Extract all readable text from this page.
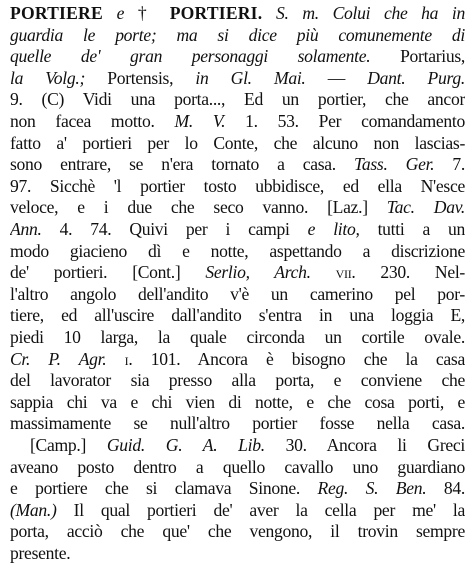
PORTIERE e † PORTIERI. S. m. Colui che ha in
guardia le porte; ma si dice più comunemente di
quelle de' gran personaggi solamente. Portarius,
la Volg.; Portensis, in Gl. Mai. — Dant. Purg.
9. (C) Vidi una porta..., Ed un portier, che ancor
non facea motto. M. V. 1. 53. Per comandamento
fatto a' portieri per lo Conte, che alcuno non lascias-
sono entrare, se n'era tornato a casa. Tass. Ger. 7.
97. Sicchè 'l portier tosto ubbidisce, ed ella N'esce
veloce, e i due che seco vanno. [Laz.] Tac. Dav.
Ann. 4. 74. Quivi per i campi e lito, tutti a un
modo giacieno dì e notte, aspettando a discrizione
de' portieri. [Cont.] Serlio, Arch. vii. 230. Nel-
l'altro angolo dell'andito v'è un camerino pel por-
tiere, ed all'uscire dall'andito s'entra in una loggia E,
piedi 10 larga, la quale circonda un cortile ovale.
Cr. P. Agr. i. 101. Ancora è bisogno che la casa
del lavorator sia presso alla porta, e conviene che
sappia chi va e chi vien di notte, e che cosa porti, e
massimamente se null'altro portier fosse nella casa.
[Camp.] Guid. G. A. Lib. 30. Ancora li Greci
aveano posto dentro a quello cavallo uno guardiano
e portiere che si clamava Sinone. Reg. S. Ben. 84.
(Man.) Il qual portieri de' aver la cella per me' la
porta, acciò che que' che vengono, il trovin sempre
presente.
